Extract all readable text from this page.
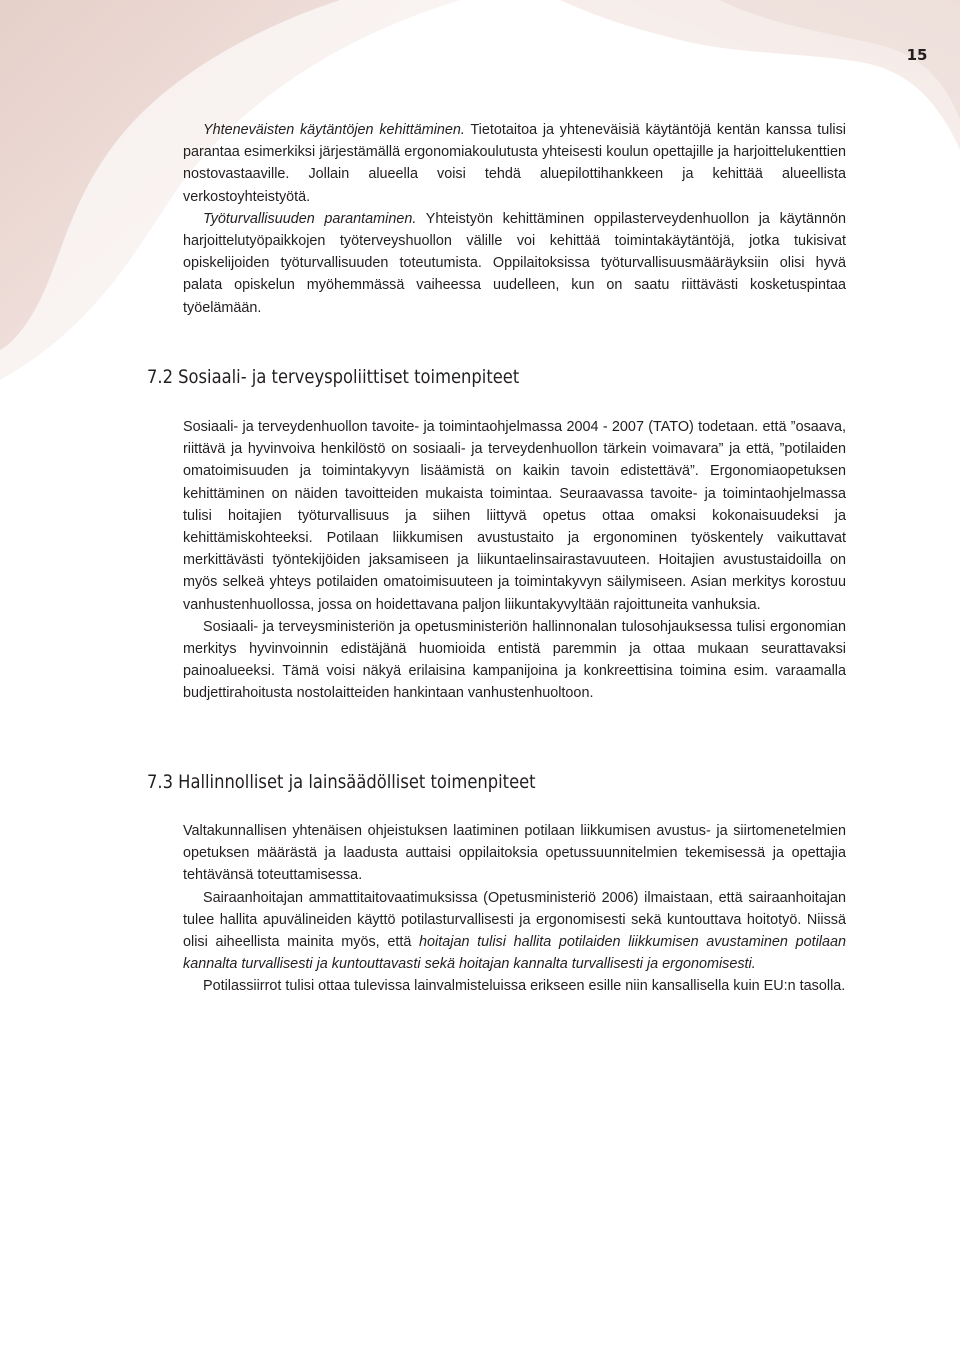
15

Yhteneväisten käytäntöjen kehittäminen. Tietotaitoa ja yhteneväisiä käytäntöjä kentän kanssa tulisi parantaa esimerkiksi järjestämällä ergonomiakoulutusta yhteisesti koulun opettajille ja harjoittelukenttien nostovastaaville. Jollain alueella voisi tehdä aluepilottihankkeen ja kehittää alueellista verkostoyhteistyötä.

Työturvallisuuden parantaminen. Yhteistyön kehittäminen oppilasterveydenhuollon ja käytännön harjoittelutyöpaikkojen työterveyshuollon välille voi kehittää toimintakäytäntöjä, jotka tukisivat opiskelijoiden työturvallisuuden toteutumista. Oppilaitoksissa työturvallisuusmääräyksiin olisi hyvä palata opiskelun myöhemmässä vaiheessa uudelleen, kun on saatu riittävästi kosketuspintaa työelämään.

7.2 Sosiaali- ja terveyspoliittiset toimenpiteet

Sosiaali- ja terveydenhuollon tavoite- ja toimintaohjelmassa 2004 - 2007 (TATO) todetaan. että ”osaava, riittävä ja hyvinvoiva henkilöstö on sosiaali- ja terveydenhuollon tärkein voimavara” ja että, ”potilaiden omatoimisuuden ja toimintakyvyn lisäämistä on kaikin tavoin edistettävä”. Ergonomiaopetuksen kehittäminen on näiden tavoitteiden mukaista toimintaa. Seuraavassa tavoite- ja toimintaohjelmassa tulisi hoitajien työturvallisuus ja siihen liittyvä opetus ottaa omaksi kokonaisuudeksi ja kehittämiskohteeksi. Potilaan liikkumisen avustustaito ja ergonominen työskentely vaikuttavat merkittävästi työntekijöiden jaksamiseen ja liikuntaelinsairastavuuteen. Hoitajien avustustaidoilla on myös selkeä yhteys potilaiden omatoimisuuteen ja toimintakyvyn säilymiseen. Asian merkitys korostuu vanhustenhuollossa, jossa on hoidettavana paljon liikuntakyvyltään rajoittuneita vanhuksia.

Sosiaali- ja terveysministeriön ja opetusministeriön hallinnonalan tulosohjauksessa tulisi ergonomian merkitys hyvinvoinnin edistäjänä huomioida entistä paremmin ja ottaa mukaan seurattavaksi painoalueeksi. Tämä voisi näkyä erilaisina kampanijoina ja konkreettisina toimina esim. varaamalla budjettirahoitusta nostolaitteiden hankintaan vanhustenhuoltoon.

7.3 Hallinnolliset ja lainsäädölliset toimenpiteet

Valtakunnallisen yhtenäisen ohjeistuksen laatiminen potilaan liikkumisen avustus- ja siirtomenetelmien opetuksen määrästä ja laadusta auttaisi oppilaitoksia opetussuunnitelmien tekemisessä ja opettajia tehtävänsä toteuttamisessa.

Sairaanhoitajan ammattitaitovaatimuksissa (Opetusministeriö 2006) ilmaistaan, että sairaanhoitajan tulee hallita apuvälineiden käyttö potilasturvallisesti ja ergonomisesti sekä kuntouttava hoitotyö. Niissä olisi aiheellista mainita myös, että hoitajan tulisi hallita potilaiden liikkumisen avustaminen potilaan kannalta turvallisesti ja kuntouttavasti sekä hoitajan kannalta turvallisesti ja ergonomisesti.

Potilassiirrot tulisi ottaa tulevissa lainvalmisteluissa erikseen esille niin kansallisella kuin EU:n tasolla.
